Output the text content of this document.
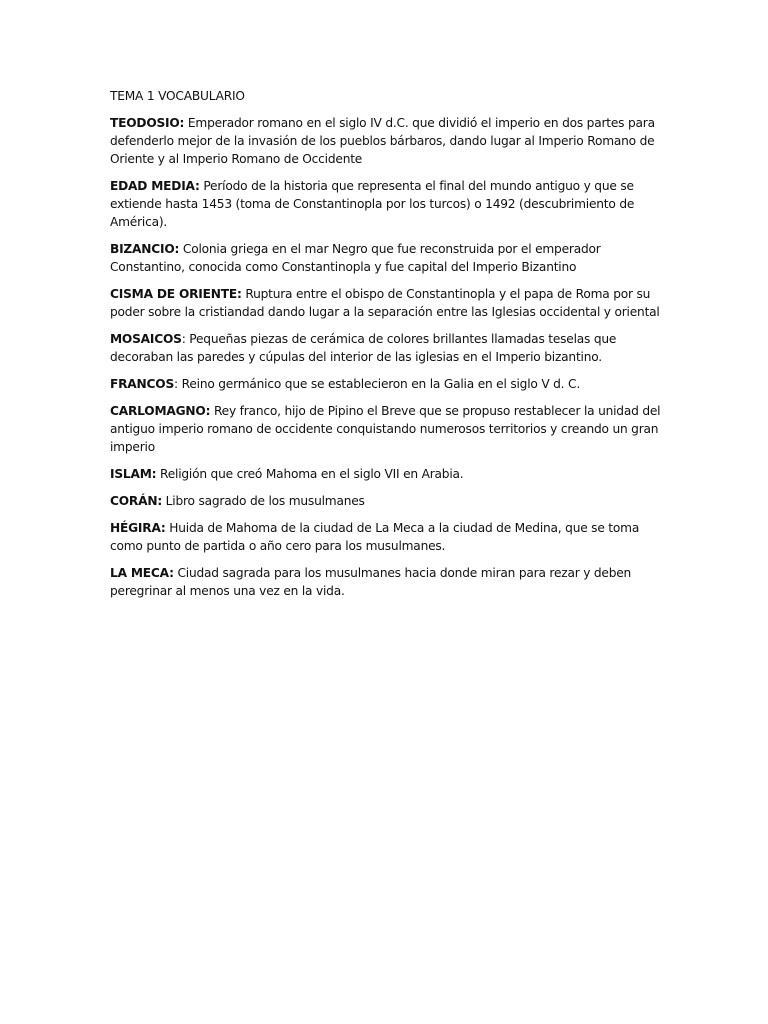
TEMA 1 VOCABULARIO

TEODOSIO: Emperador romano en el siglo IV d.C. que dividió el imperio en dos partes para defenderlo mejor de la invasión de los pueblos bárbaros, dando lugar al Imperio Romano de Oriente y al Imperio Romano de Occidente

EDAD MEDIA: Período de la historia que representa el final del mundo antiguo y que se extiende hasta 1453 (toma de Constantinopla por los turcos) o 1492 (descubrimiento de América).

BIZANCIO: Colonia griega en el mar Negro que fue reconstruida por el emperador Constantino, conocida como Constantinopla y fue capital del Imperio Bizantino

CISMA DE ORIENTE: Ruptura entre el obispo de Constantinopla y el papa de Roma por su poder sobre la cristiandad dando lugar a la separación entre las Iglesias occidental y oriental

MOSAICOS: Pequeñas piezas de cerámica de colores brillantes llamadas teselas que decoraban las paredes y cúpulas del interior de las iglesias en el Imperio bizantino.

FRANCOS: Reino germánico que se establecieron en la Galia en el siglo V d. C.

CARLOMAGNO: Rey franco, hijo de Pipino el Breve que se propuso restablecer la unidad del antiguo imperio romano de occidente conquistando numerosos territorios y creando un gran imperio

ISLAM: Religión que creó Mahoma en el siglo VII en Arabia.

CORÁN: Libro sagrado de los musulmanes

HÉGIRA: Huida de Mahoma de la ciudad de La Meca a la ciudad de Medina, que se toma como punto de partida o año cero para los musulmanes.

LA MECA: Ciudad sagrada para los musulmanes hacia donde miran para rezar y deben peregrinar al menos una vez en la vida.
